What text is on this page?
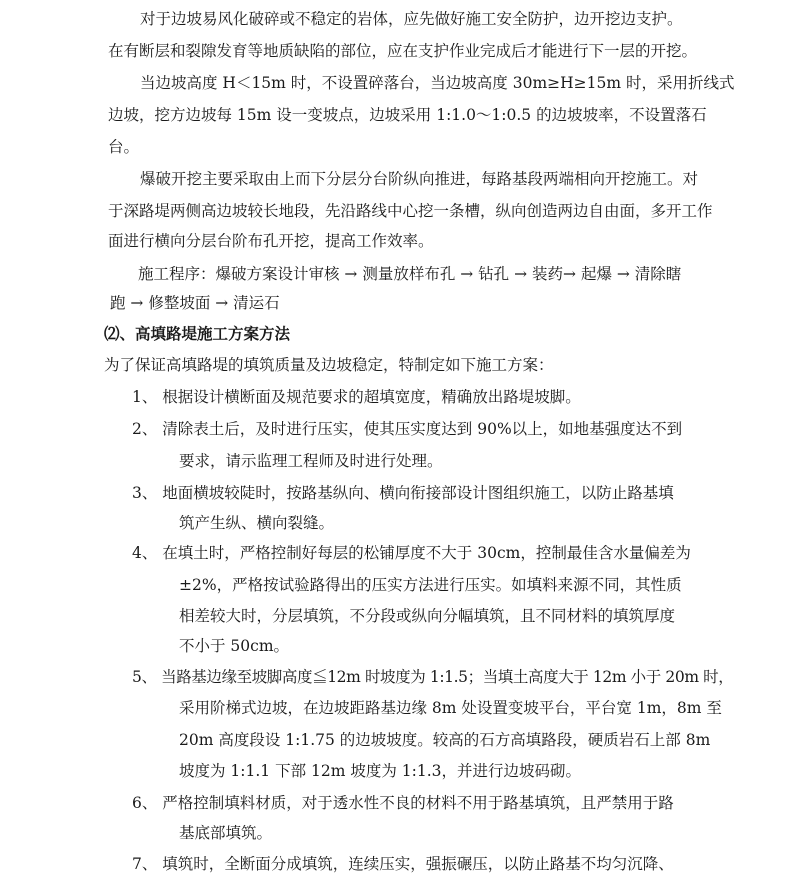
对于边坡易风化破碎或不稳定的岩体，应先做好施工安全防护，边开挖边支护。
在有断层和裂隙发育等地质缺陷的部位，应在支护作业完成后才能进行下一层的开挖。
当边坡高度 H＜15m 时，不设置碎落台，当边坡高度 30m≥H≥15m 时，采用折线式
边坡，挖方边坡每 15m 设一变坡点，边坡采用 1:1.0～1:0.5 的边坡坡率，不设置落石
台。
爆破开挖主要采取由上而下分层分台阶纵向推进，每路基段两端相向开挖施工。对
于深路堤两侧高边坡较长地段，先沿路线中心挖一条槽，纵向创造两边自由面，多开工作
面进行横向分层台阶布孔开挖，提高工作效率。
施工程序：爆破方案设计审核 → 测量放样布孔 → 钻孔 → 装药→ 起爆 → 清除瞎
跑 → 修整坡面 → 清运石
⑵、高填路堤施工方案方法
为了保证高填路堤的填筑质量及边坡稳定，特制定如下施工方案：
1、 根据设计横断面及规范要求的超填宽度，精确放出路堤坡脚。
2、 清除表土后，及时进行压实，使其压实度达到 90%以上，如地基强度达不到
要求，请示监理工程师及时进行处理。
3、 地面横坡较陡时，按路基纵向、横向衔接部设计图组织施工，以防止路基填
筑产生纵、横向裂缝。
4、 在填土时，严格控制好每层的松铺厚度不大于 30cm，控制最佳含水量偏差为
±2%，严格按试验路得出的压实方法进行压实。如填料来源不同，其性质
相差较大时，分层填筑，不分段或纵向分幅填筑，且不同材料的填筑厚度
不小于 50cm。
5、 当路基边缘至坡脚高度≦12m 时坡度为 1:1.5；当填土高度大于 12m 小于 20m 时，
采用阶梯式边坡，在边坡距路基边缘 8m 处设置变坡平台，平台宽 1m，8m 至
20m 高度段设 1:1.75 的边坡坡度。较高的石方高填路段，硬质岩石上部 8m
坡度为 1:1.1 下部 12m 坡度为 1:1.3，并进行边坡码砌。
6、 严格控制填料材质，对于透水性不良的材料不用于路基填筑，且严禁用于路
基底部填筑。
7、 填筑时，全断面分成填筑，连续压实，强振碾压，以防止路基不均匀沉降、
